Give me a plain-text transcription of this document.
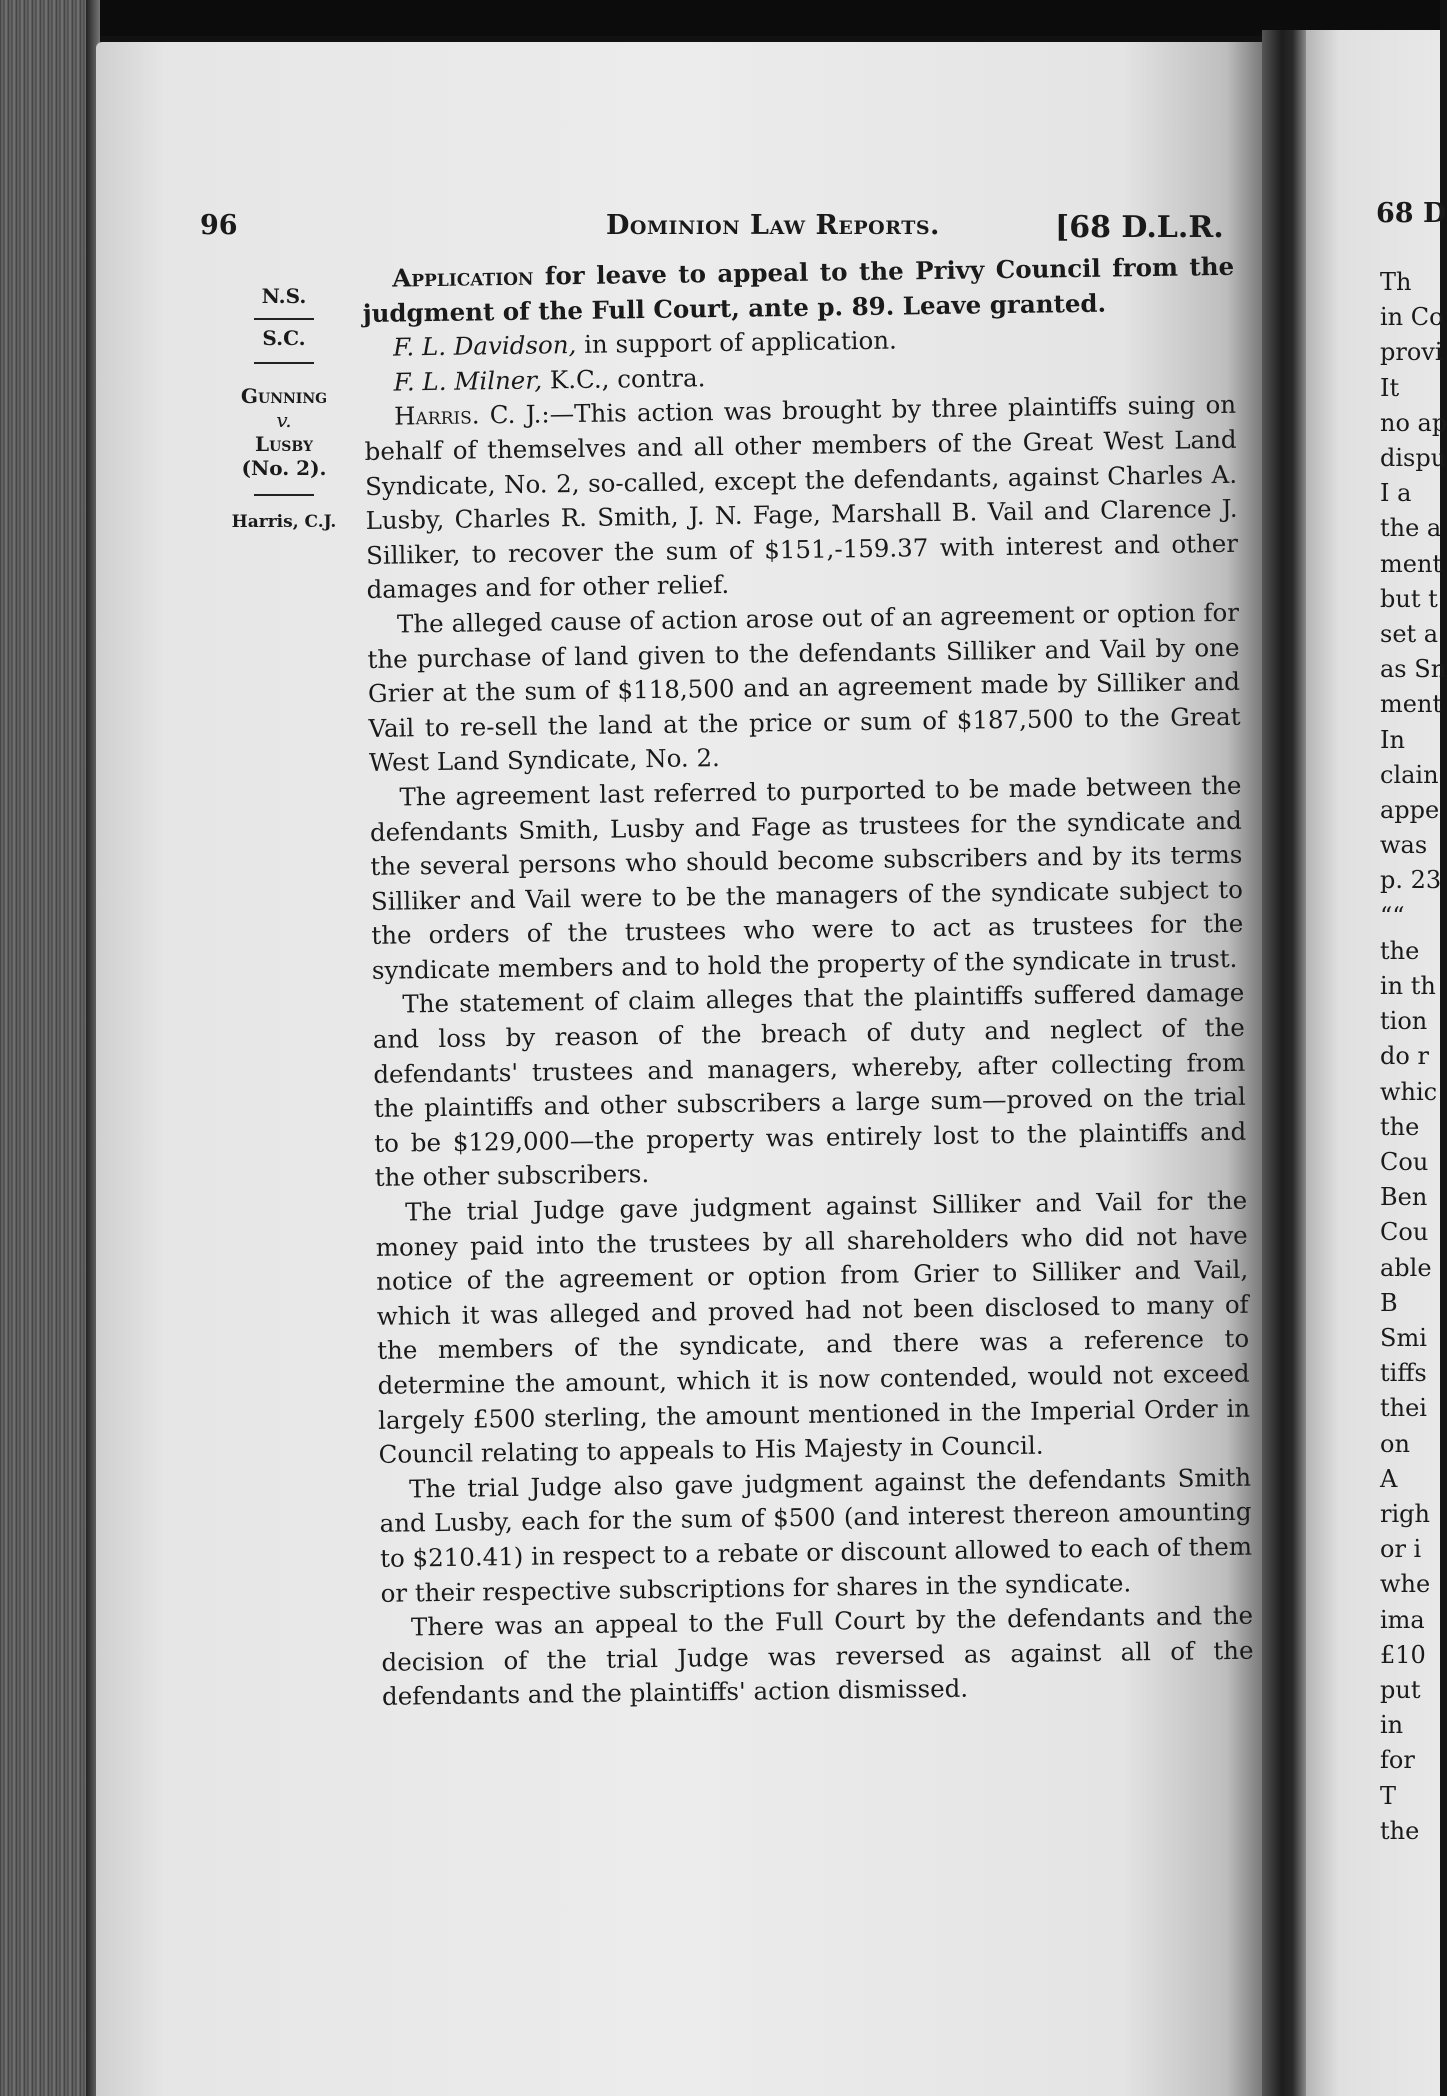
96	Dominion Law Reports.	[68 D.L.R.
N.S.
S.C.
Gunning
v.
Lusby
(No. 2).
Harris, C.J.

Application for leave to appeal to the Privy Council from the judgment of the Full Court, ante p. 89. Leave granted.

F. L. Davidson, in support of application.

F. L. Milner, K.C., contra.

Harris. C. J.:—This action was brought by three plaintiffs suing on behalf of themselves and all other members of the Great West Land Syndicate, No. 2, so-called, except the defendants, against Charles A. Lusby, Charles R. Smith, J. N. Fage, Marshall B. Vail and Clarence J. Silliker, to recover the sum of $151,-159.37 with interest and other damages and for other relief.

The alleged cause of action arose out of an agreement or option for the purchase of land given to the defendants Silliker and Vail by one Grier at the sum of $118,500 and an agreement made by Silliker and Vail to re-sell the land at the price or sum of $187,500 to the Great West Land Syndicate, No. 2.

The agreement last referred to purported to be made between the defendants Smith, Lusby and Fage as trustees for the syndicate and the several persons who should become subscribers and by its terms Silliker and Vail were to be the managers of the syndicate subject to the orders of the trustees who were to act as trustees for the syndicate members and to hold the property of the syndicate in trust.

The statement of claim alleges that the plaintiffs suffered damage and loss by reason of the breach of duty and neglect of the defendants' trustees and managers, whereby, after collecting from the plaintiffs and other subscribers a large sum—proved on the trial to be $129,000—the property was entirely lost to the plaintiffs and the other subscribers.

The trial Judge gave judgment against Silliker and Vail for the money paid into the trustees by all shareholders who did not have notice of the agreement or option from Grier to Silliker and Vail, which it was alleged and proved had not been disclosed to many of the members of the syndicate, and there was a reference to determine the amount, which it is now contended, would not exceed largely £500 sterling, the amount mentioned in the Imperial Order in Council relating to appeals to His Majesty in Council.

The trial Judge also gave judgment against the defendants Smith and Lusby, each for the sum of $500 (and interest thereon amounting to $210.41) in respect to a rebate or discount allowed to each of them or their respective subscriptions for shares in the syndicate.

There was an appeal to the Full Court by the defendants and the decision of the trial Judge was reversed as against all of the defendants and the plaintiffs' action dismissed.

68 D
Th
in Co
provi
It
no ap
dispu
I a
the a
ment
but t
set a
as Sn
ment
In
clain
appe
was
p. 23
““
the
in th
tion
do r
whic
the
Cou
Ben
Cou
able
B
Smi
tiffs
thei
on
A
righ
or i
whe
ima
£10
put
in
for
T
the
